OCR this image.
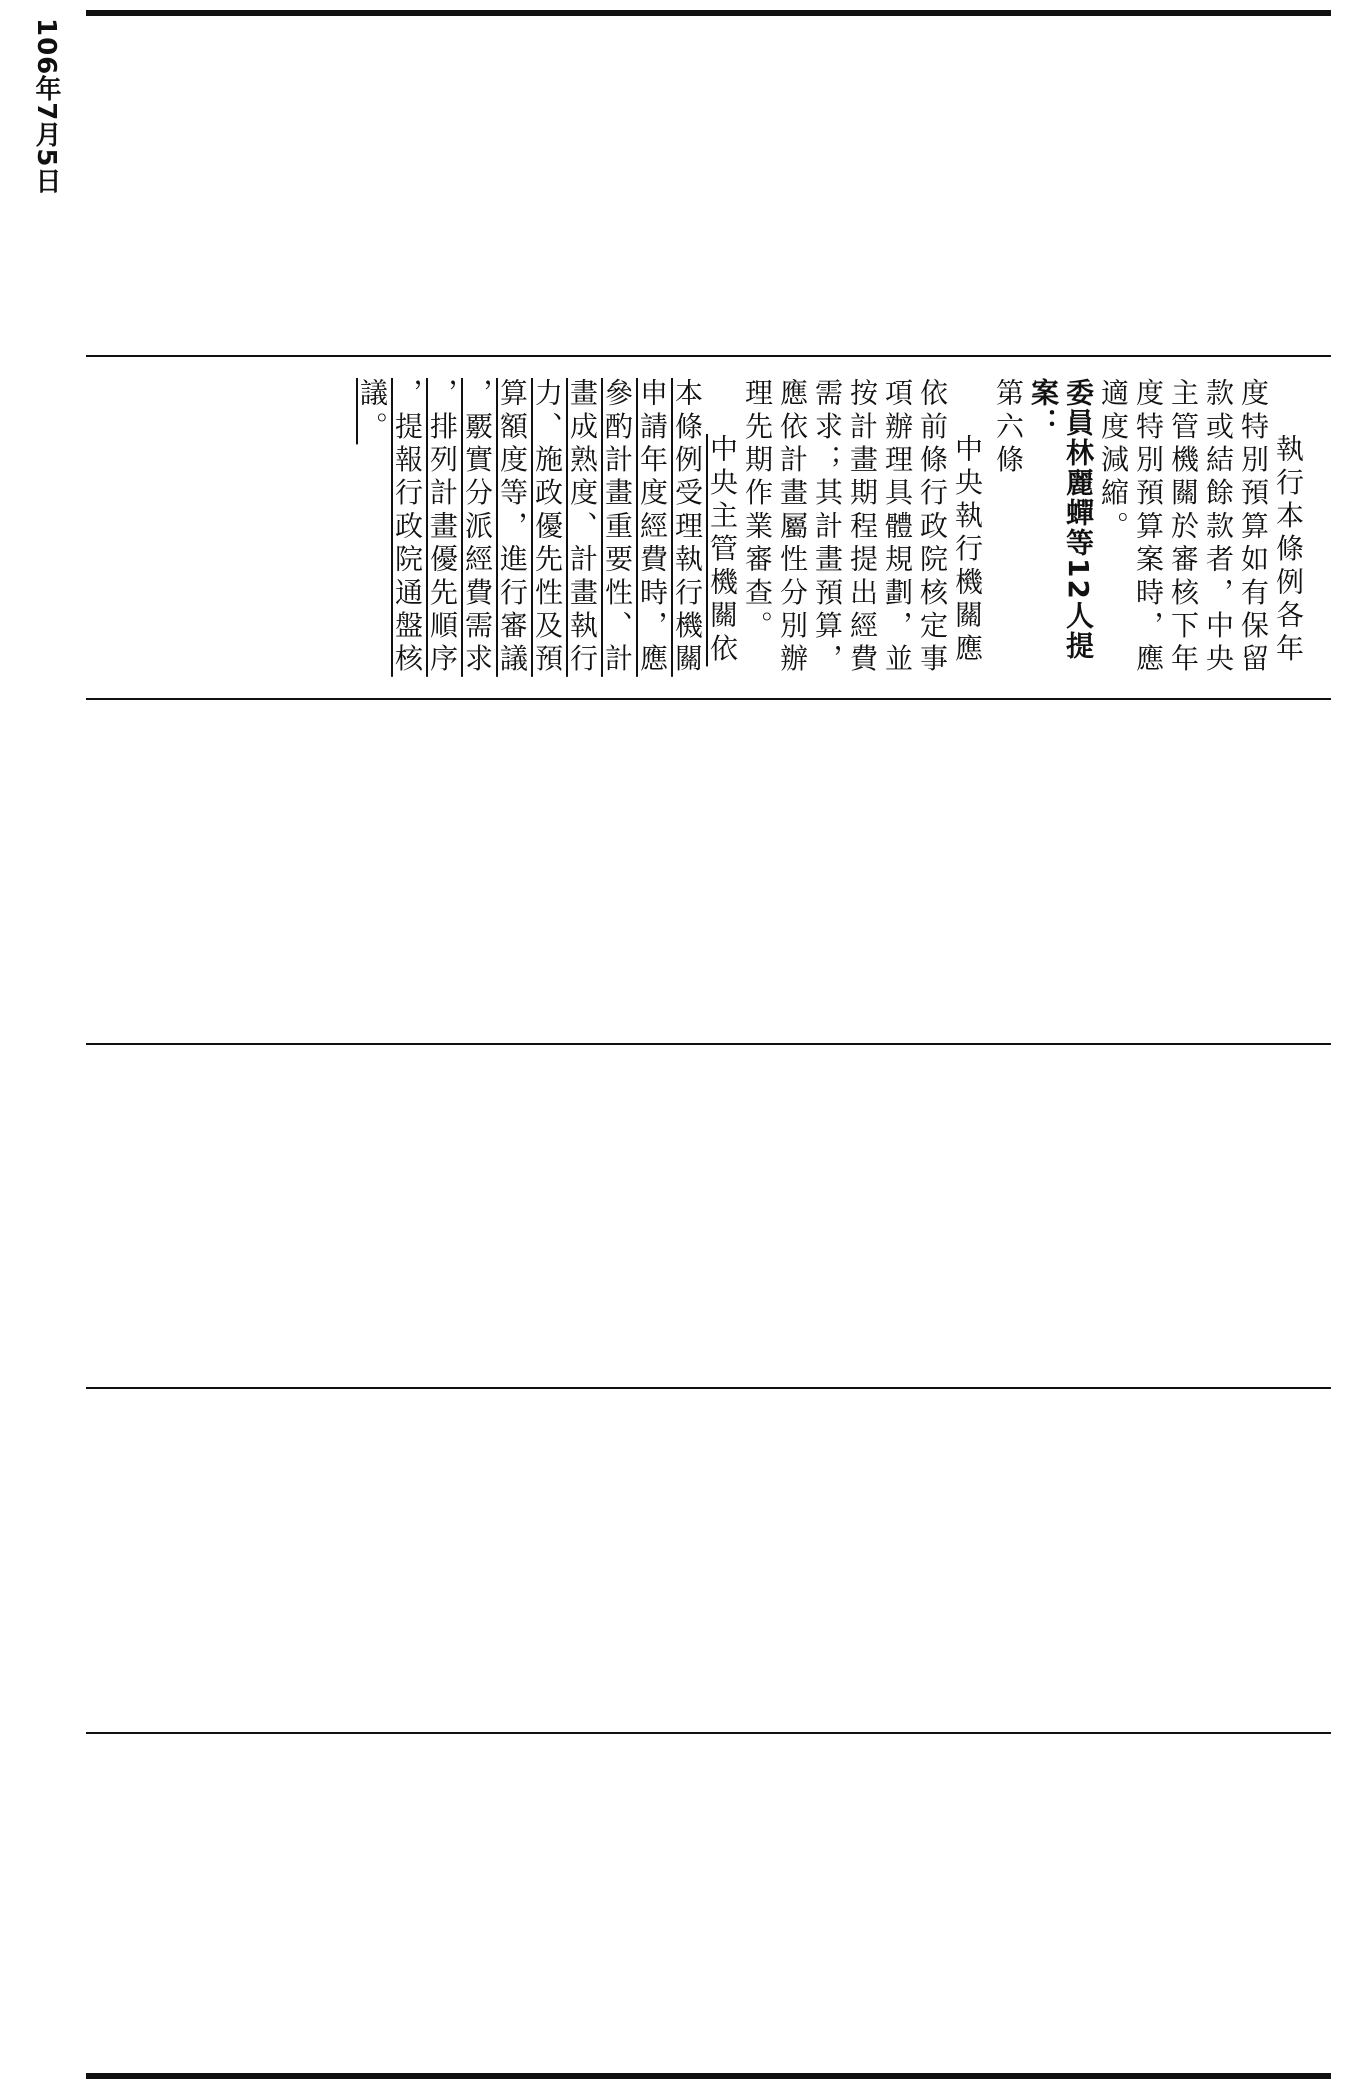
106年7月5日
執行本條例各年
度特別預算如有保留
款或結餘款者，中央
主管機關於審核下年
度特別預算案時，應
適度減縮。
委員林麗蟬等12人提案：
第六條
中央執行機關應
依前條行政院核定事
項辦理具體規劃，並
按計畫期程提出經費
需求；其計畫預算，
應依計畫屬性分別辦
理先期作業審查。
中央主管機關依
本條例受理執行機關
申請年度經費時，應
參酌計畫重要性、計
畫成熟度、計畫執行
力、施政優先性及預
算額度等，進行審議
，覈實分派經費需求
，排列計畫優先順序
，提報行政院通盤核
議。
